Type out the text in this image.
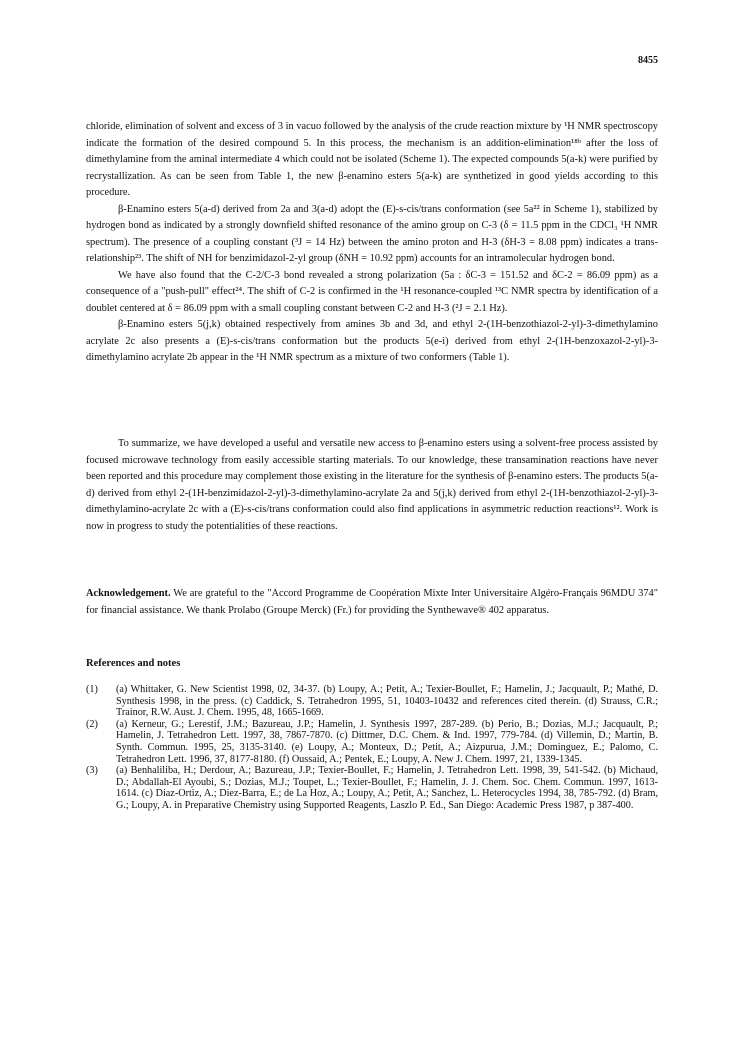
8455

chloride, elimination of solvent and excess of 3 in vacuo followed by the analysis of the crude reaction mixture by ¹H NMR spectroscopy indicate the formation of the desired compound 5. In this process, the mechanism is an addition-elimination¹⁸ᵇ after the loss of dimethylamine from the aminal intermediate 4 which could not be isolated (Scheme 1). The expected compounds 5(a-k) were purified by recrystallization. As can be seen from Table 1, the new β-enamino esters 5(a-k) are synthetized in good yields according to this procedure.

β-Enamino esters 5(a-d) derived from 2a and 3(a-d) adopt the (E)-s-cis/trans conformation (see 5a²² in Scheme 1), stabilized by hydrogen bond as indicated by a strongly downfield shifted resonance of the amino group on C-3 (δ = 11.5 ppm in the CDCl₃ ¹H NMR spectrum). The presence of a coupling constant (³J = 14 Hz) between the amino proton and H-3 (δH-3 = 8.08 ppm) indicates a trans-relationship²³. The shift of NH for benzimidazol-2-yl group (δNH = 10.92 ppm) accounts for an intramolecular hydrogen bond.

We have also found that the C-2/C-3 bond revealed a strong polarization (5a : δC-3 = 151.52 and δC-2 = 86.09 ppm) as a consequence of a "push-pull" effect²⁴. The shift of C-2 is confirmed in the ¹H resonance-coupled ¹³C NMR spectra by identification of a doublet centered at δ = 86.09 ppm with a small coupling constant between C-2 and H-3 (²J = 2.1 Hz).

β-Enamino esters 5(j,k) obtained respectively from amines 3b and 3d, and ethyl 2-(1H-benzothiazol-2-yl)-3-dimethylamino acrylate 2c also presents a (E)-s-cis/trans conformation but the products 5(e-i) derived from ethyl 2-(1H-benzoxazol-2-yl)-3-dimethylamino acrylate 2b appear in the ¹H NMR spectrum as a mixture of two conformers (Table 1).

To summarize, we have developed a useful and versatile new access to β-enamino esters using a solvent-free process assisted by focused microwave technology from easily accessible starting materials. To our knowledge, these transamination reactions have never been reported and this procedure may complement those existing in the literature for the synthesis of β-enamino esters. The products 5(a-d) derived from ethyl 2-(1H-benzimidazol-2-yl)-3-dimethylamino-acrylate 2a and 5(j,k) derived from ethyl 2-(1H-benzothiazol-2-yl)-3-dimethylamino-acrylate 2c with a (E)-s-cis/trans conformation could also find applications in asymmetric reduction reactions¹². Work is now in progress to study the potentialities of these reactions.

Acknowledgement. We are grateful to the "Accord Programme de Coopération Mixte Inter Universitaire Algéro-Français 96MDU 374" for financial assistance. We thank Prolabo (Groupe Merck) (Fr.) for providing the Synthewave® 402 apparatus.
References and notes
(1)	(a) Whittaker, G. New Scientist 1998, 02, 34-37. (b) Loupy, A.; Petit, A.; Texier-Boullet, F.; Hamelin, J.; Jacquault, P.; Mathé, D. Synthesis 1998, in the press. (c) Caddick, S. Tetrahedron 1995, 51, 10403-10432 and references cited therein. (d) Strauss, C.R.; Trainor, R.W. Aust. J. Chem. 1995, 48, 1665-1669.
(2)	(a) Kerneur, G.; Lerestif, J.M.; Bazureau, J.P.; Hamelin, J. Synthesis 1997, 287-289. (b) Perio, B.; Dozias, M.J.; Jacquault, P.; Hamelin, J. Tetrahedron Lett. 1997, 38, 7867-7870. (c) Dittmer, D.C. Chem. & Ind. 1997, 779-784. (d) Villemin, D.; Martin, B. Synth. Commun. 1995, 25, 3135-3140. (e) Loupy, A.; Monteux, D.; Petit, A.; Aizpurua, J.M.; Dominguez, E.; Palomo, C. Tetrahedron Lett. 1996, 37, 8177-8180. (f) Oussaid, A.; Pentek, E.; Loupy, A. New J. Chem. 1997, 21, 1339-1345.
(3)	(a) Benhaliliba, H.; Derdour, A.; Bazureau, J.P.; Texier-Boullet, F.; Hamelin, J. Tetrahedron Lett. 1998, 39, 541-542. (b) Michaud, D.; Abdallah-El Ayoubi, S.; Dozias, M.J.; Toupet, L.; Texier-Boullet, F.; Hamelin, J. J. Chem. Soc. Chem. Commun. 1997, 1613-1614. (c) Diaz-Ortiz, A.; Diez-Barra, E.; de La Hoz, A.; Loupy, A.; Petit, A.; Sanchez, L. Heterocycles 1994, 38, 785-792. (d) Bram, G.; Loupy, A. in Preparative Chemistry using Supported Reagents, Laszlo P. Ed., San Diego: Academic Press 1987, p 387-400.
